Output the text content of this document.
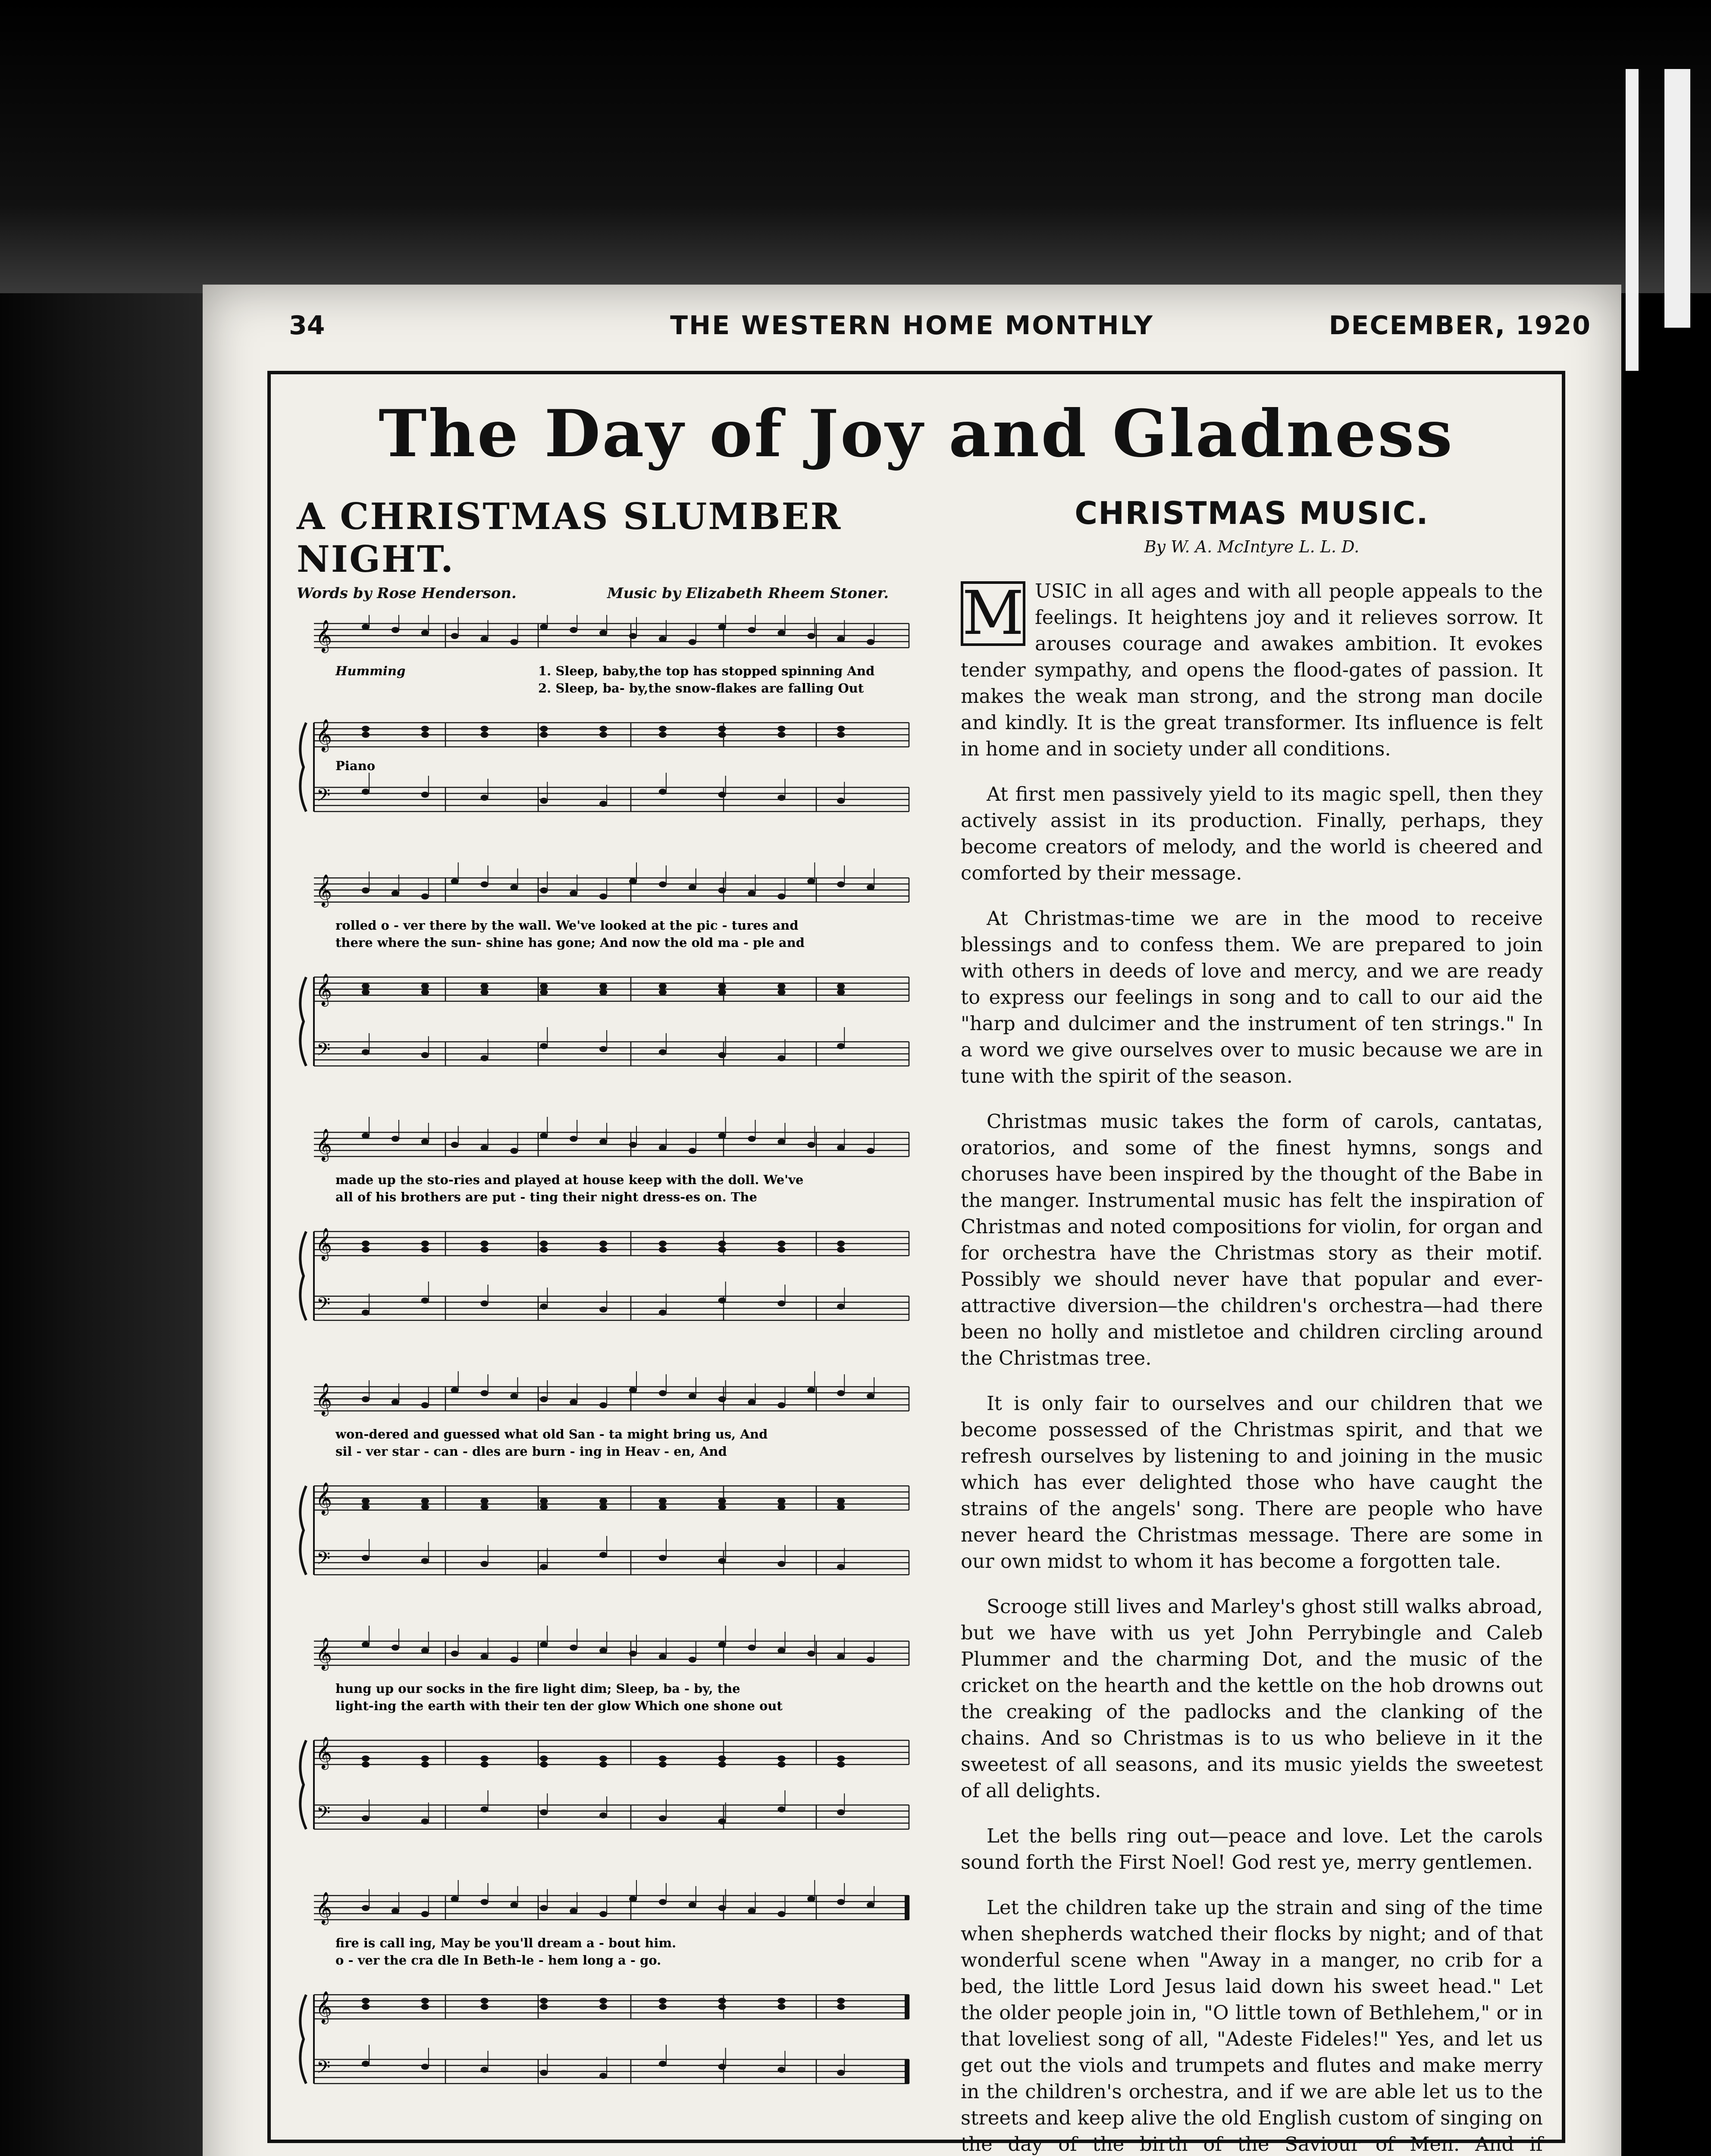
34	THE WESTERN HOME MONTHLY	DECEMBER, 1920
The Day of Joy and Gladness
A CHRISTMAS SLUMBER NIGHT.
Words by Rose Henderson.	Music by Elizabeth Rheem Stoner.
𝄞
𝄞
𝄢
1. Sleep, baby,the top has stopped spinning And
2. Sleep, ba- by,the snow-flakes are falling Out
Humming
Piano
𝄞
𝄞
𝄢
rolled o - ver there by the wall. We've looked at the pic - tures and
there where the sun- shine has gone; And now the old ma - ple and
𝄞
𝄞
𝄢
made up the sto-ries and played at house keep with the doll. We've
all of his brothers are put - ting their night dress-es on. The
𝄞
𝄞
𝄢
won-dered and guessed what old San - ta might bring us, And
sil - ver star - can - dles are burn - ing in Heav - en, And
𝄞
𝄞
𝄢
hung up our socks in the fire light dim; Sleep, ba - by, the
light-ing the earth with their ten der glow Which one shone out
𝄞
𝄞
𝄢
fire is call ing, May be you'll dream a - bout him.
o - ver the cra dle In Beth-le - hem long a - go.
CHRISTMAS MUSIC.
By W. A. McIntyre L. L. D.

M USIC in all ages and with all people appeals to the feelings. It heightens joy and it relieves sorrow. It arouses courage and awakes ambition. It evokes tender sympathy, and opens the flood-gates of passion. It makes the weak man strong, and the strong man docile and kindly. It is the great transformer. Its influence is felt in home and in society under all conditions.

At first men passively yield to its magic spell, then they actively assist in its production. Finally, perhaps, they become creators of melody, and the world is cheered and comforted by their message.

At Christmas-time we are in the mood to receive blessings and to confess them. We are prepared to join with others in deeds of love and mercy, and we are ready to express our feelings in song and to call to our aid the "harp and dulcimer and the instrument of ten strings." In a word we give ourselves over to music because we are in tune with the spirit of the season.

Christmas music takes the form of carols, cantatas, oratorios, and some of the finest hymns, songs and choruses have been inspired by the thought of the Babe in the manger. Instrumental music has felt the inspiration of Christmas and noted compositions for violin, for organ and for orchestra have the Christmas story as their motif. Possibly we should never have that popular and ever-attractive diversion—the children's orchestra—had there been no holly and mistletoe and children circling around the Christmas tree.

It is only fair to ourselves and our children that we become possessed of the Christmas spirit, and that we refresh ourselves by listening to and joining in the music which has ever delighted those who have caught the strains of the angels' song. There are people who have never heard the Christmas message. There are some in our own midst to whom it has become a forgotten tale.

Scrooge still lives and Marley's ghost still walks abroad, but we have with us yet John Perrybingle and Caleb Plummer and the charming Dot, and the music of the cricket on the hearth and the kettle on the hob drowns out the creaking of the padlocks and the clanking of the chains. And so Christmas is to us who believe in it the sweetest of all seasons, and its music yields the sweetest of all delights.

Let the bells ring out—peace and love. Let the carols sound forth the First Noel! God rest ye, merry gentlemen.

Let the children take up the strain and sing of the time when shepherds watched their flocks by night; and of that wonderful scene when "Away in a manger, no crib for a bed, the little Lord Jesus laid down his sweet head." Let the older people join in, "O little town of Bethlehem," or in that loveliest song of all, "Adeste Fideles!" Yes, and let us get out the viols and trumpets and flutes and make merry in the children's orchestra, and if we are able let us to the streets and keep alive the old English custom of singing on the day of the birth of the Saviour of Men. And if
